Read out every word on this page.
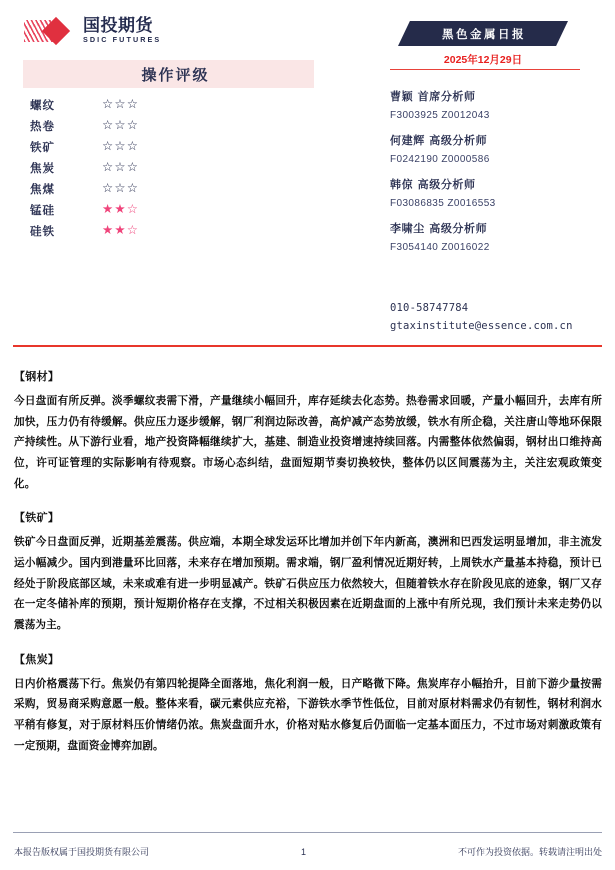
国投期货
SDIC FUTURES	黑色金属日报
2025年12月29日
操作评级
螺纹	☆☆☆
热卷	☆☆☆
铁矿	☆☆☆
焦炭	☆☆☆
焦煤	☆☆☆
锰硅	★★☆
硅铁	★★☆
曹颖 首席分析师
F3003925 Z0012043
何建辉 高级分析师
F0242190 Z0000586
韩倞 高级分析师
F03086835 Z0016553
李啸尘 高级分析师
F3054140 Z0016022
010-58747784
gtaxinstitute@essence.com.cn
【钢材】
今日盘面有所反弹。淡季螺纹表需下滑，产量继续小幅回升，库存延续去化态势。热卷需求回暖，产量小幅回升，去库有所加快，压力仍有待缓解。供应压力逐步缓解，钢厂利润边际改善，高炉减产态势放缓，铁水有所企稳，关注唐山等地环保限产持续性。从下游行业看，地产投资降幅继续扩大，基建、制造业投资增速持续回落。内需整体依然偏弱，钢材出口维持高位，许可证管理的实际影响有待观察。市场心态纠结，盘面短期节奏切换较快，整体仍以区间震荡为主，关注宏观政策变化。
【铁矿】
铁矿今日盘面反弹，近期基差震荡。供应端，本期全球发运环比增加并创下年内新高，澳洲和巴西发运明显增加，非主流发运小幅减少。国内到港量环比回落，未来存在增加预期。需求端，钢厂盈利情况近期好转，上周铁水产量基本持稳，预计已经处于阶段底部区域，未来或难有进一步明显减产。铁矿石供应压力依然较大，但随着铁水存在阶段见底的迹象，钢厂又存在一定冬储补库的预期，预计短期价格存在支撑，不过相关积极因素在近期盘面的上涨中有所兑现，我们预计未来走势仍以震荡为主。
【焦炭】
日内价格震荡下行。焦炭仍有第四轮提降全面落地，焦化利润一般，日产略微下降。焦炭库存小幅抬升，目前下游少量按需采购，贸易商采购意愿一般。整体来看，碳元素供应充裕，下游铁水季节性低位，目前对原材料需求仍有韧性，钢材利润水平稍有修复，对于原材料压价情绪仍浓。焦炭盘面升水，价格对贴水修复后仍面临一定基本面压力，不过市场对刺激政策有一定预期，盘面资金博弈加剧。
本报告版权属于国投期货有限公司	1	不可作为投资依据。转载请注明出处
